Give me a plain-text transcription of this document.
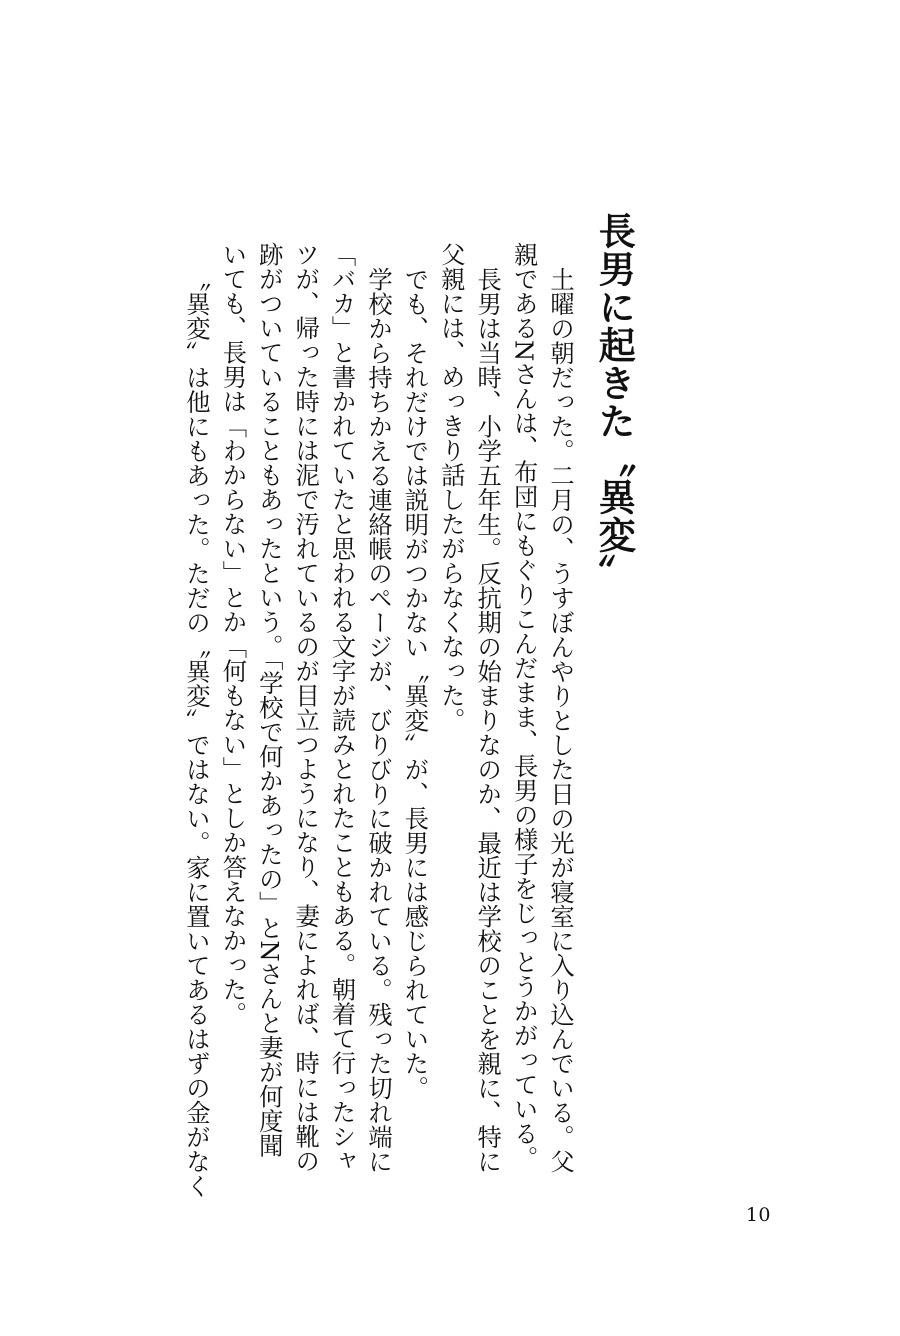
長男に起きた〝異変〟
土曜の朝だった。二月の、うすぼんやりとした日の光が寝室に入り込んでいる。父
親であるNさんは、布団にもぐりこんだまま、長男の様子をじっとうかがっている。
長男は当時、小学五年生。反抗期の始まりなのか、最近は学校のことを親に、特に
父親には、めっきり話したがらなくなった。
でも、それだけでは説明がつかない〝異変〟が、長男には感じられていた。
学校から持ちかえる連絡帳のページが、びりびりに破かれている。残った切れ端に
「バカ」と書かれていたと思われる文字が読みとれたこともある。朝着て行ったシャ
ツが、帰った時には泥で汚れているのが目立つようになり、妻によれば、時には靴の
跡がついていることもあったという。「学校で何かあったの」とNさんと妻が何度聞
いても、長男は「わからない」とか「何もない」としか答えなかった。
〝異変〟は他にもあった。ただの〝異変〟ではない。家に置いてあるはずの金がなく
10
